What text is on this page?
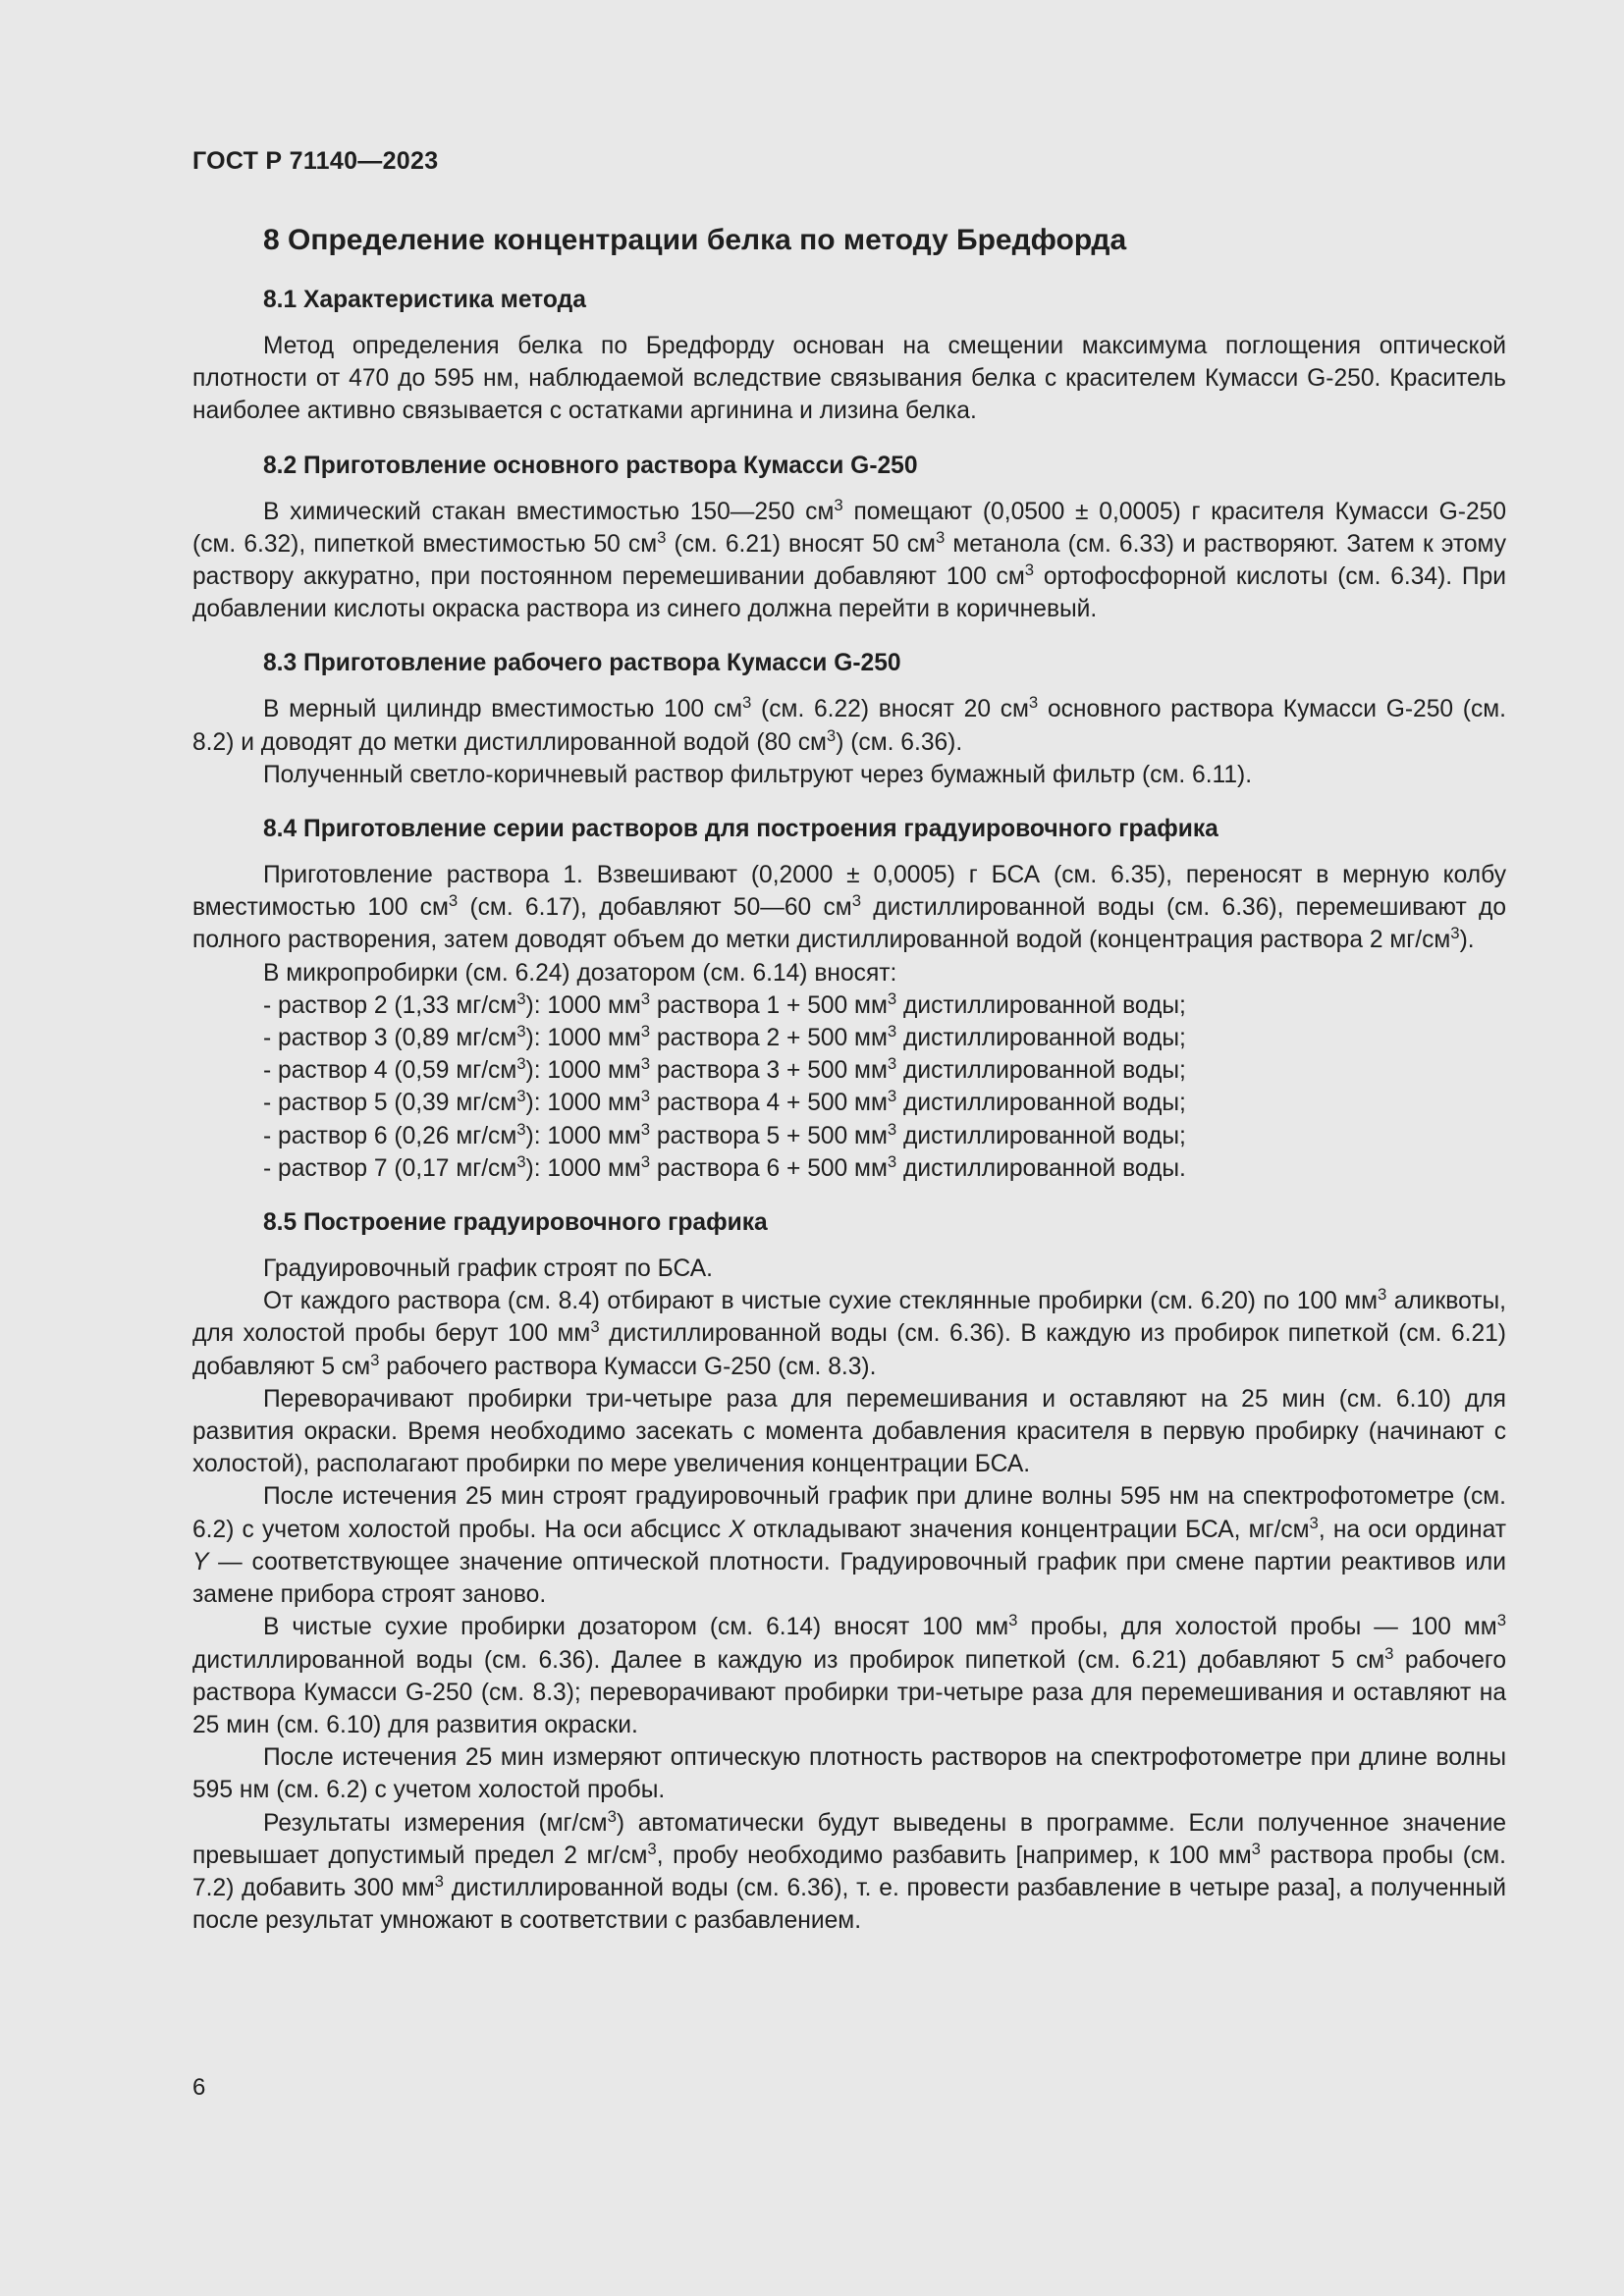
ГОСТ Р 71140—2023
8 Определение концентрации белка по методу Бредфорда
8.1 Характеристика метода

Метод определения белка по Бредфорду основан на смещении максимума поглощения оптической плотности от 470 до 595 нм, наблюдаемой вследствие связывания белка с красителем Кумасси G-250. Краситель наиболее активно связывается с остатками аргинина и лизина белка.

8.2 Приготовление основного раствора Кумасси G-250

В химический стакан вместимостью 150—250 $см^3$ помещают (0,0500 ± 0,0005) г красителя Кумасси G-250 (см. 6.32), пипеткой вместимостью 50 $см^3$ (см. 6.21) вносят 50 $см^3$ метанола (см. 6.33) и растворяют. Затем к этому раствору аккуратно, при постоянном перемешивании добавляют 100 $см^3$ ортофосфорной кислоты (см. 6.34). При добавлении кислоты окраска раствора из синего должна перейти в коричневый.

8.3 Приготовление рабочего раствора Кумасси G-250

В мерный цилиндр вместимостью 100 $см^3$ (см. 6.22) вносят 20 $см^3$ основного раствора Кумасси G-250 (см. 8.2) и доводят до метки дистиллированной водой (80 $см^3$) (см. 6.36).

Полученный светло-коричневый раствор фильтруют через бумажный фильтр (см. 6.11).

8.4 Приготовление серии растворов для построения градуировочного графика

Приготовление раствора 1. Взвешивают (0,2000 ± 0,0005) г БСА (см. 6.35), переносят в мерную колбу вместимостью 100 $см^3$ (см. 6.17), добавляют 50—60 $см^3$ дистиллированной воды (см. 6.36), перемешивают до полного растворения, затем доводят объем до метки дистиллированной водой (концентрация раствора 2 $мг/см^3$).

В микропробирки (см. 6.24) дозатором (см. 6.14) вносят:

- раствор 2 (1,33 $мг/см^3$): 1000 $мм^3$ раствора 1 + 500 $мм^3$ дистиллированной воды;
- раствор 3 (0,89 $мг/см^3$): 1000 $мм^3$ раствора 2 + 500 $мм^3$ дистиллированной воды;
- раствор 4 (0,59 $мг/см^3$): 1000 $мм^3$ раствора 3 + 500 $мм^3$ дистиллированной воды;
- раствор 5 (0,39 $мг/см^3$): 1000 $мм^3$ раствора 4 + 500 $мм^3$ дистиллированной воды;
- раствор 6 (0,26 $мг/см^3$): 1000 $мм^3$ раствора 5 + 500 $мм^3$ дистиллированной воды;
- раствор 7 (0,17 $мг/см^3$): 1000 $мм^3$ раствора 6 + 500 $мм^3$ дистиллированной воды.
8.5 Построение градуировочного графика

Градуировочный график строят по БСА.

От каждого раствора (см. 8.4) отбирают в чистые сухие стеклянные пробирки (см. 6.20) по 100 $мм^3$ аликвоты, для холостой пробы берут 100 $мм^3$ дистиллированной воды (см. 6.36). В каждую из пробирок пипеткой (см. 6.21) добавляют 5 $см^3$ рабочего раствора Кумасси G-250 (см. 8.3).

Переворачивают пробирки три-четыре раза для перемешивания и оставляют на 25 мин (см. 6.10) для развития окраски. Время необходимо засекать с момента добавления красителя в первую пробирку (начинают с холостой), располагают пробирки по мере увеличения концентрации БСА.

После истечения 25 мин строят градуировочный график при длине волны 595 нм на спектрофотометре (см. 6.2) с учетом холостой пробы. На оси абсцисс X откладывают значения концентрации БСА, $мг/см^3$, на оси ординат Y — соответствующее значение оптической плотности. Градуировочный график при смене партии реактивов или замене прибора строят заново.

В чистые сухие пробирки дозатором (см. 6.14) вносят 100 $мм^3$ пробы, для холостой пробы — 100 $мм^3$ дистиллированной воды (см. 6.36). Далее в каждую из пробирок пипеткой (см. 6.21) добавляют 5 $см^3$ рабочего раствора Кумасси G-250 (см. 8.3); переворачивают пробирки три-четыре раза для перемешивания и оставляют на 25 мин (см. 6.10) для развития окраски.

После истечения 25 мин измеряют оптическую плотность растворов на спектрофотометре при длине волны 595 нм (см. 6.2) с учетом холостой пробы.

Результаты измерения $(мг/см^3)$ автоматически будут выведены в программе. Если полученное значение превышает допустимый предел 2 $мг/см^3$, пробу необходимо разбавить [например, к 100 $мм^3$ раствора пробы (см. 7.2) добавить 300 $мм^3$ дистиллированной воды (см. 6.36), т. е. провести разбавление в четыре раза], а полученный после результат умножают в соответствии с разбавлением.

6
